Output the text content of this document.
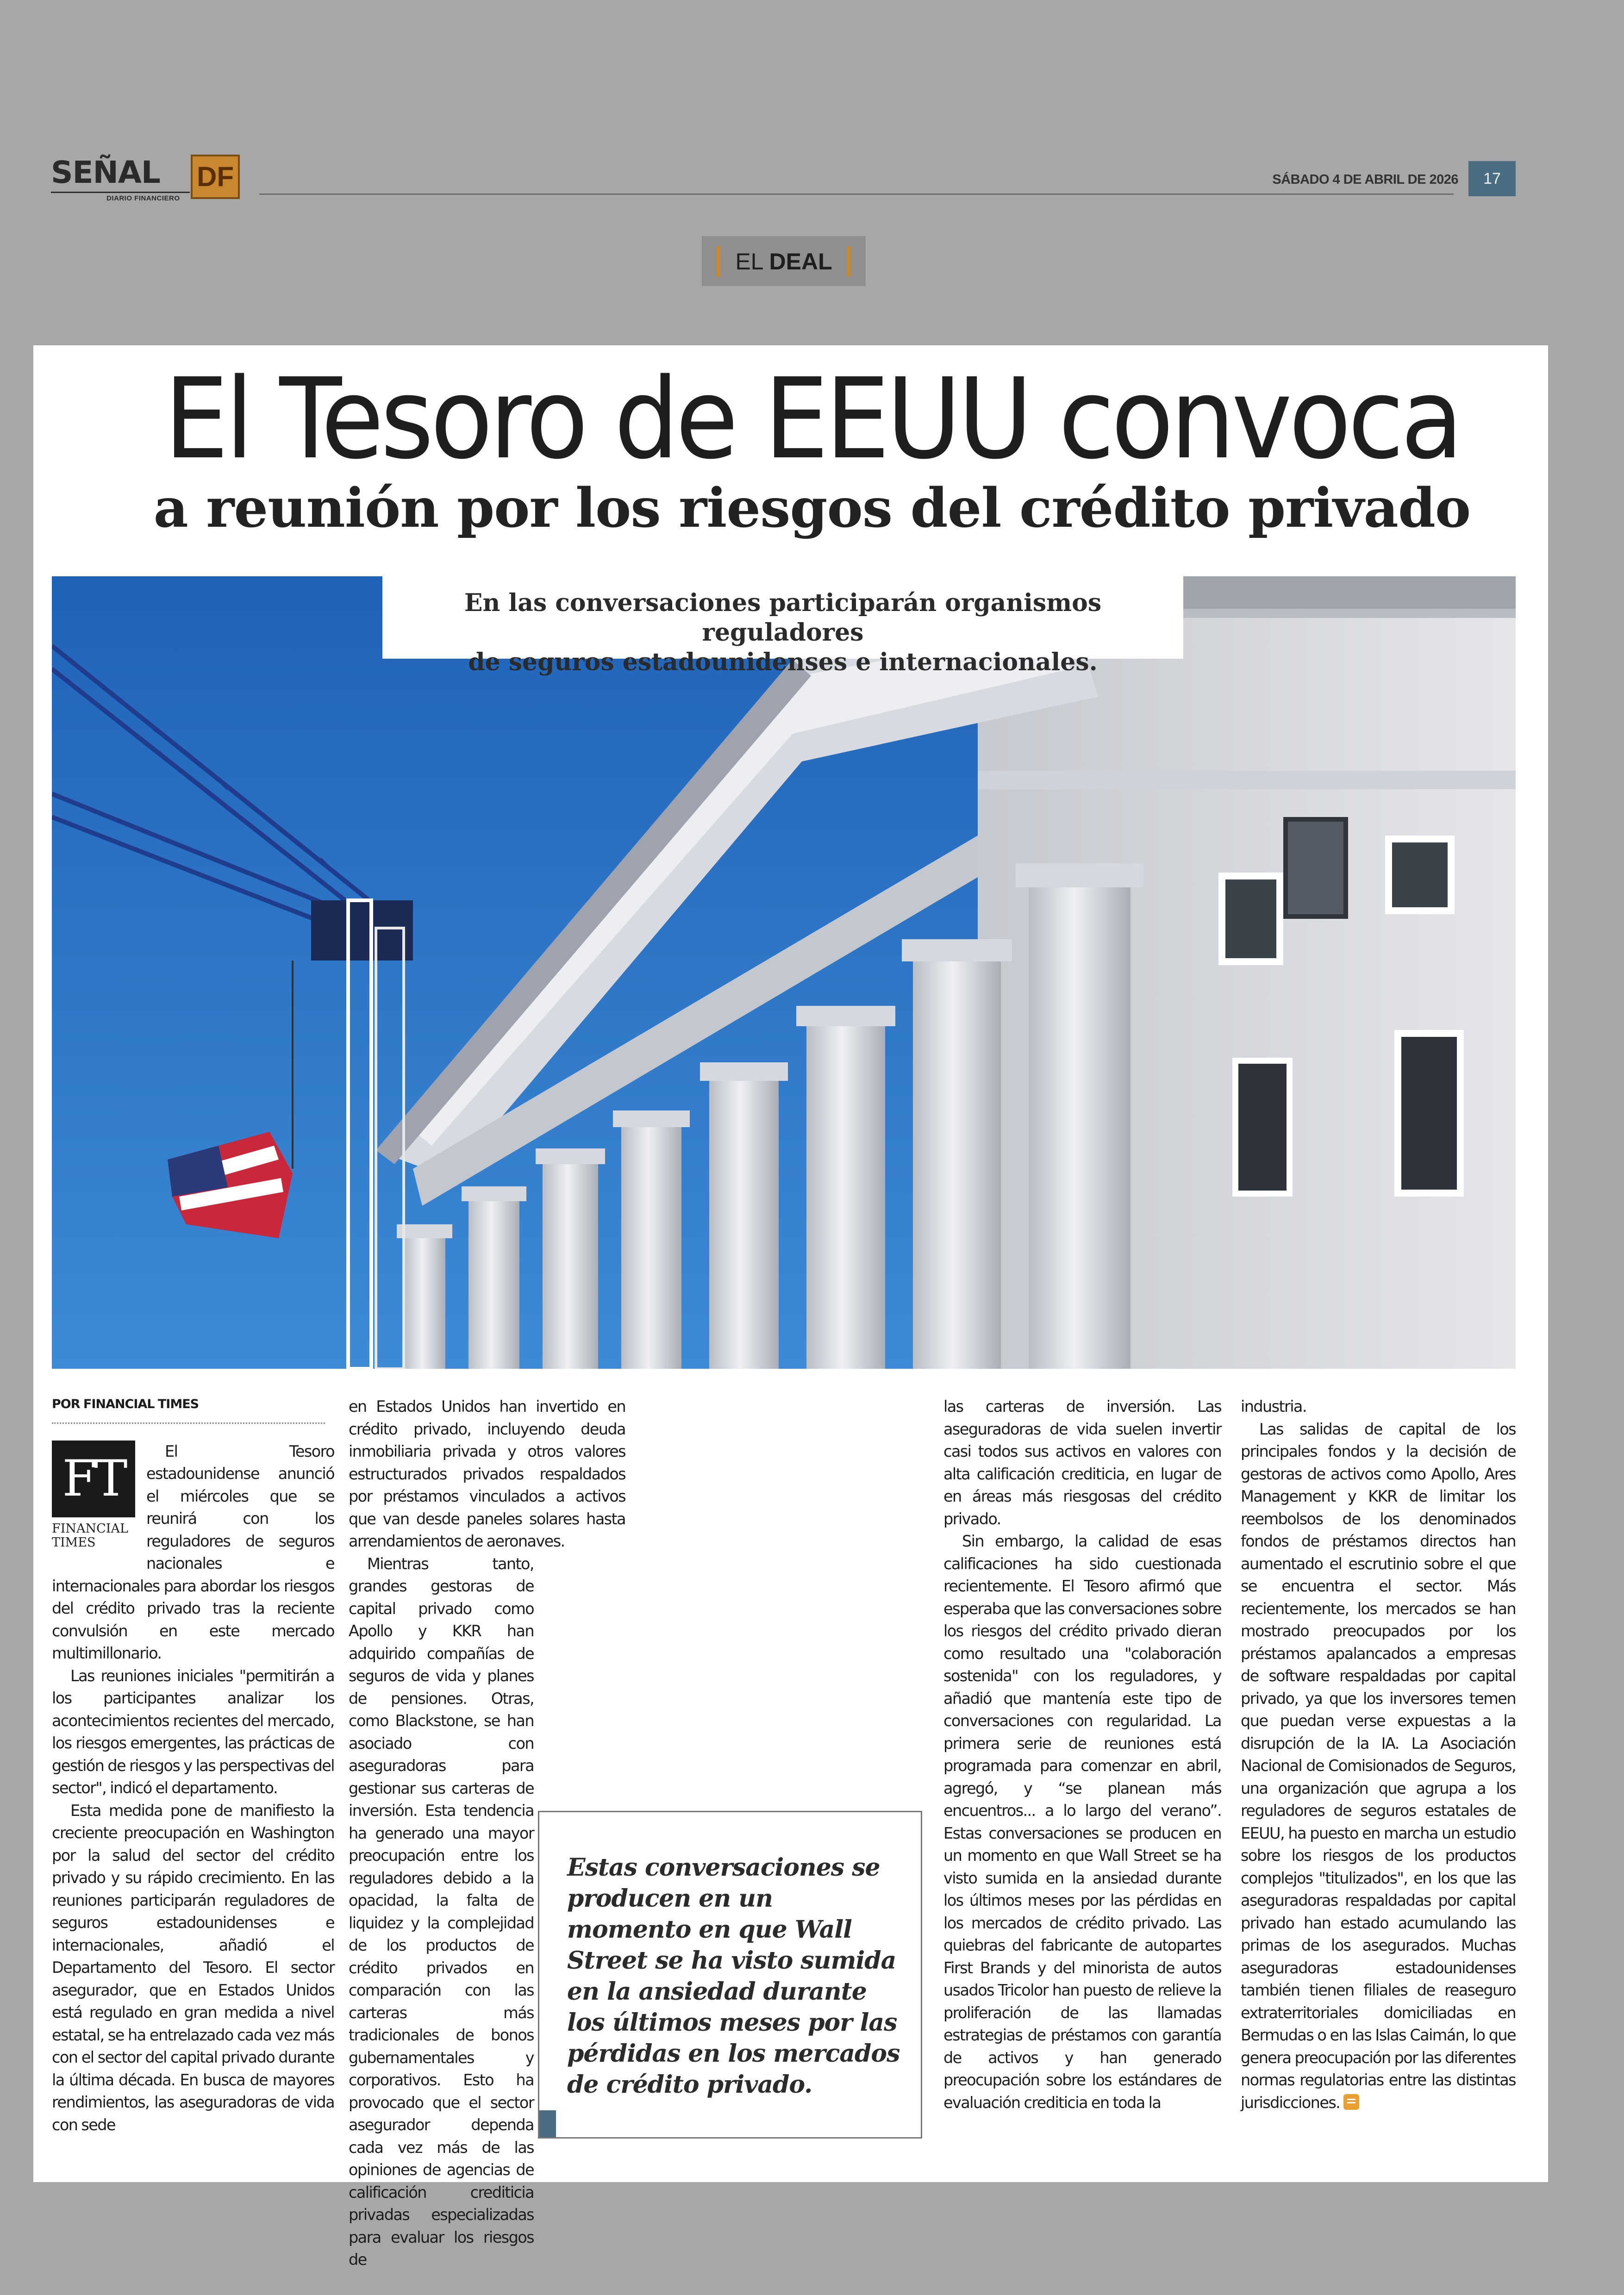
SEÑAL DF
DIARIO FINANCIERO
SÁBADO 4 DE ABRIL DE 2026	17
EL DEAL
El Tesoro de EEUU convoca
a reunión por los riesgos del crédito privado
En las conversaciones participarán organismos reguladores
de seguros estadounidenses e internacionales.
POR FINANCIAL TIMES
FT
FINANCIAL
TIMES

El Tesoro estadounidense anunció el miércoles que se reunirá con los reguladores de seguros nacionales e internacionales para abordar los riesgos del crédito privado tras la reciente convulsión en este mercado multimillonario.

Las reuniones iniciales "permitirán a los participantes analizar los acontecimientos recientes del mercado, los riesgos emergentes, las prácticas de gestión de riesgos y las perspectivas del sector", indicó el departamento.

Esta medida pone de manifiesto la creciente preocupación en Washington por la salud del sector del crédito privado y su rápido crecimiento. En las reuniones participarán reguladores de seguros estadounidenses e internacionales, añadió el Departamento del Tesoro. El sector asegurador, que en Estados Unidos está regulado en gran medida a nivel estatal, se ha entrelazado cada vez más con el sector del capital privado durante la última década. En busca de mayores rendimientos, las aseguradoras de vida con sede

en Estados Unidos han invertido en crédito privado, incluyendo deuda inmobiliaria privada y otros valores estructurados privados respaldados por préstamos vinculados a activos que van desde paneles solares hasta arrendamientos de aeronaves.

Mientras tanto, grandes gestoras de capital privado como Apollo y KKR han adquirido compañías de seguros de vida y planes de pensiones. Otras, como Blackstone, se han asociado con aseguradoras para gestionar sus carteras de inversión. Esta tendencia ha generado una mayor preocupación entre los reguladores debido a la opacidad, la falta de liquidez y la complejidad de los productos de crédito privados en comparación con las carteras más tradicionales de bonos gubernamentales y corporativos. Esto ha provocado que el sector asegurador dependa cada vez más de las opiniones de agencias de calificación crediticia privadas especializadas para evaluar los riesgos de

Estas conversaciones se producen en un momento en que Wall Street se ha visto sumida en la ansiedad durante los últimos meses por las pérdidas en los mercados de crédito privado.

las carteras de inversión. Las aseguradoras de vida suelen invertir casi todos sus activos en valores con alta calificación crediticia, en lugar de en áreas más riesgosas del crédito privado.

Sin embargo, la calidad de esas calificaciones ha sido cuestionada recientemente. El Tesoro afirmó que esperaba que las conversaciones sobre los riesgos del crédito privado dieran como resultado una "colaboración sostenida" con los reguladores, y añadió que mantenía este tipo de conversaciones con regularidad. La primera serie de reuniones está programada para comenzar en abril, agregó, y “se planean más encuentros... a lo largo del verano”. Estas conversaciones se producen en un momento en que Wall Street se ha visto sumida en la ansiedad durante los últimos meses por las pérdidas en los mercados de crédito privado. Las quiebras del fabricante de autopartes First Brands y del minorista de autos usados Tricolor han puesto de relieve la proliferación de las llamadas estrategias de préstamos con garantía de activos y han generado preocupación sobre los estándares de evaluación crediticia en toda la

industria.

Las salidas de capital de los principales fondos y la decisión de gestoras de activos como Apollo, Ares Management y KKR de limitar los reembolsos de los denominados fondos de préstamos directos han aumentado el escrutinio sobre el que se encuentra el sector. Más recientemente, los mercados se han mostrado preocupados por los préstamos apalancados a empresas de software respaldadas por capital privado, ya que los inversores temen que puedan verse expuestas a la disrupción de la IA. La Asociación Nacional de Comisionados de Seguros, una organización que agrupa a los reguladores de seguros estatales de EEUU, ha puesto en marcha un estudio sobre los riesgos de los productos complejos "titulizados", en los que las aseguradoras respaldadas por capital privado han estado acumulando las primas de los asegurados. Muchas aseguradoras estadounidenses también tienen filiales de reaseguro extraterritoriales domiciliadas en Bermudas o en las Islas Caimán, lo que genera preocupación por las diferentes normas regulatorias entre las distintas jurisdicciones.
